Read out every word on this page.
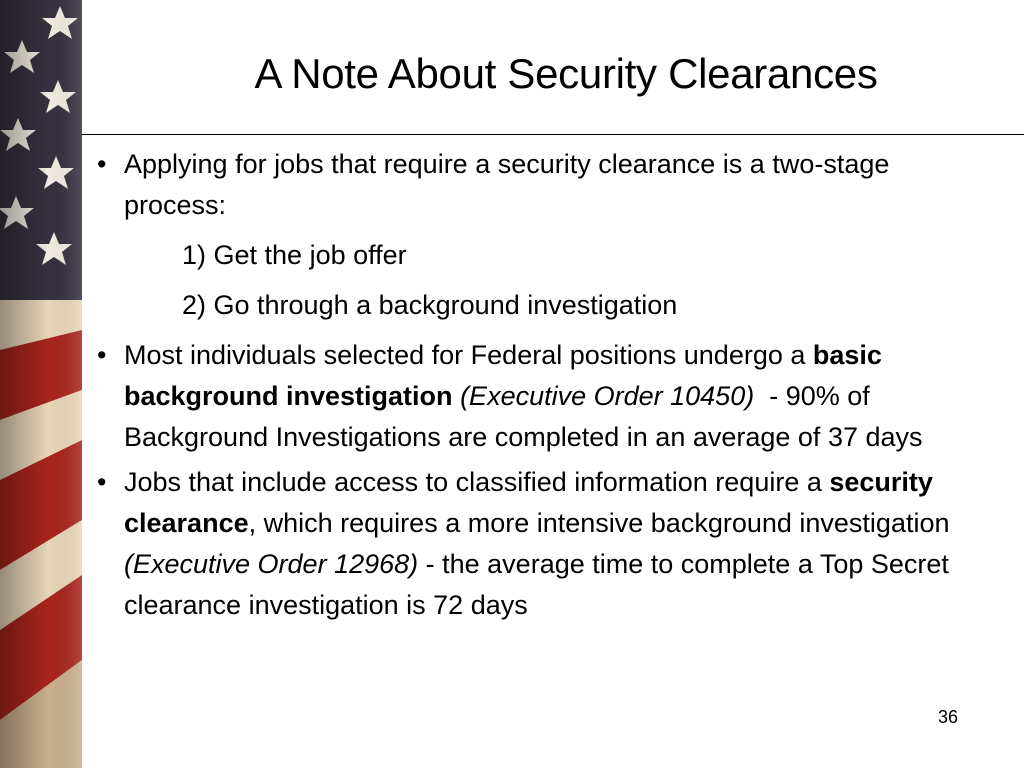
A Note About Security Clearances
• Applying for jobs that require a security clearance is a two-stage process:
1) Get the job offer
2) Go through a background investigation
• Most individuals selected for Federal positions undergo a basic background investigation (Executive Order 10450)  - 90% of Background Investigations are completed in an average of 37 days
• Jobs that include access to classified information require a security clearance, which requires a more intensive background investigation (Executive Order 12968) - the average time to complete a Top Secret clearance investigation is 72 days
36
